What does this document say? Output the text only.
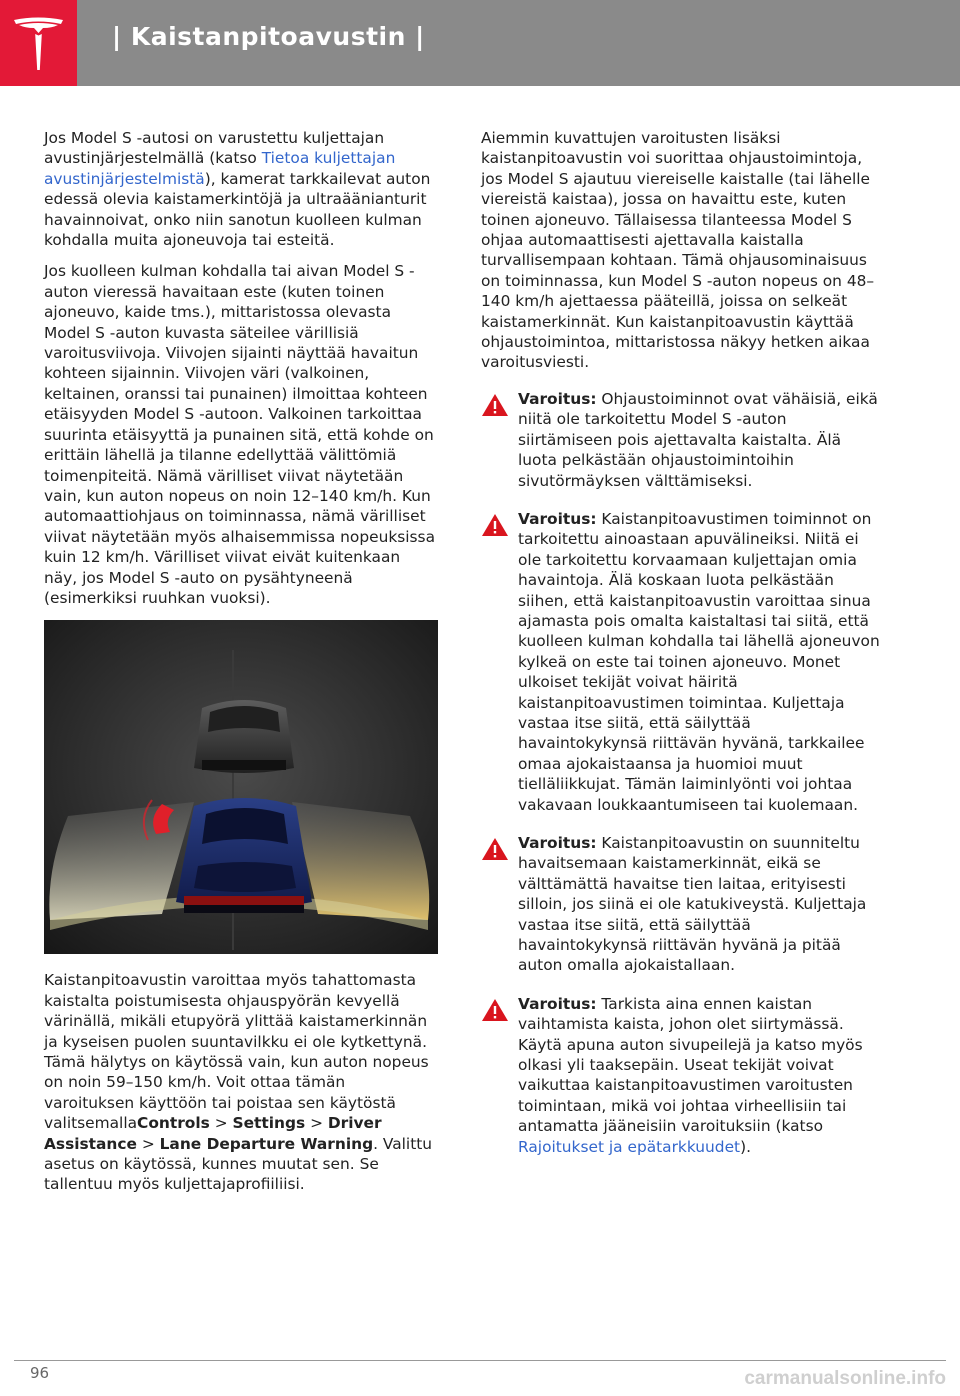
| Kaistanpitoavustin |

Jos Model S -autosi on varustettu kuljettajan avustinjärjestelmällä (katso Tietoa kuljettajan avustinjärjestelmistä), kamerat tarkkailevat auton edessä olevia kaistamerkintöjä ja ultraäänianturit havainnoivat, onko niin sanotun kuolleen kulman kohdalla muita ajoneuvoja tai esteitä.

Jos kuolleen kulman kohdalla tai aivan Model S -auton vieressä havaitaan este (kuten toinen ajoneuvo, kaide tms.), mittaristossa olevasta Model S -auton kuvasta säteilee värillisiä varoitusviivoja. Viivojen sijainti näyttää havaitun kohteen sijainnin. Viivojen väri (valkoinen, keltainen, oranssi tai punainen) ilmoittaa kohteen etäisyyden Model S -autoon. Valkoinen tarkoittaa suurinta etäisyyttä ja punainen sitä, että kohde on erittäin lähellä ja tilanne edellyttää välittömiä toimenpiteitä. Nämä värilliset viivat näytetään vain, kun auton nopeus on noin 12–140 km/h. Kun automaattiohjaus on toiminnassa, nämä värilliset viivat näytetään myös alhaisemmissa nopeuksissa kuin 12 km/h. Värilliset viivat eivät kuitenkaan näy, jos Model S -auto on pysähtyneenä (esimerkiksi ruuhkan vuoksi).

Kaistanpitoavustin varoittaa myös tahattomasta kaistalta poistumisesta ohjauspyörän kevyellä värinällä, mikäli etupyörä ylittää kaistamerkinnän ja kyseisen puolen suuntavilkku ei ole kytkettynä. Tämä hälytys on käytössä vain, kun auton nopeus on noin 59–150 km/h. Voit ottaa tämän varoituksen käyttöön tai poistaa sen käytöstä valitsemallaControls > Settings > Driver Assistance > Lane Departure Warning. Valittu asetus on käytössä, kunnes muutat sen. Se tallentuu myös kuljettajaprofiiliisi.

Aiemmin kuvattujen varoitusten lisäksi kaistanpitoavustin voi suorittaa ohjaustoimintoja, jos Model S ajautuu viereiselle kaistalle (tai lähelle viereistä kaistaa), jossa on havaittu este, kuten toinen ajoneuvo. Tällaisessa tilanteessa Model S ohjaa automaattisesti ajettavalla kaistalla turvallisempaan kohtaan. Tämä ohjausominaisuus on toiminnassa, kun Model S -auton nopeus on 48–140 km/h ajettaessa pääteillä, joissa on selkeät kaistamerkinnät. Kun kaistanpitoavustin käyttää ohjaustoimintoa, mittaristossa näkyy hetken aikaa varoitusviesti.

Varoitus: Ohjaustoiminnot ovat vähäisiä, eikä niitä ole tarkoitettu Model S -auton siirtämiseen pois ajettavalta kaistalta. Älä luota pelkästään ohjaustoimintoihin sivutörmäyksen välttämiseksi.
Varoitus: Kaistanpitoavustimen toiminnot on tarkoitettu ainoastaan apuvälineiksi. Niitä ei ole tarkoitettu korvaamaan kuljettajan omia havaintoja. Älä koskaan luota pelkästään siihen, että kaistanpitoavustin varoittaa sinua ajamasta pois omalta kaistaltasi tai siitä, että kuolleen kulman kohdalla tai lähellä ajoneuvon kylkeä on este tai toinen ajoneuvo. Monet ulkoiset tekijät voivat häiritä kaistanpitoavustimen toimintaa. Kuljettaja vastaa itse siitä, että säilyttää havaintokykynsä riittävän hyvänä, tarkkailee omaa ajokaistaansa ja huomioi muut tielläliikkujat. Tämän laiminlyönti voi johtaa vakavaan loukkaantumiseen tai kuolemaan.
Varoitus: Kaistanpitoavustin on suunniteltu havaitsemaan kaistamerkinnät, eikä se välttämättä havaitse tien laitaa, erityisesti silloin, jos siinä ei ole katukiveystä. Kuljettaja vastaa itse siitä, että säilyttää havaintokykynsä riittävän hyvänä ja pitää auton omalla ajokaistallaan.
Varoitus: Tarkista aina ennen kaistan vaihtamista kaista, johon olet siirtymässä. Käytä apuna auton sivupeilejä ja katso myös olkasi yli taaksepäin. Useat tekijät voivat vaikuttaa kaistanpitoavustimen varoitusten toimintaan, mikä voi johtaa virheellisiin tai antamatta jääneisiin varoituksiin (katso Rajoitukset ja epätarkkuudet).
96	carmanualsonline.info
